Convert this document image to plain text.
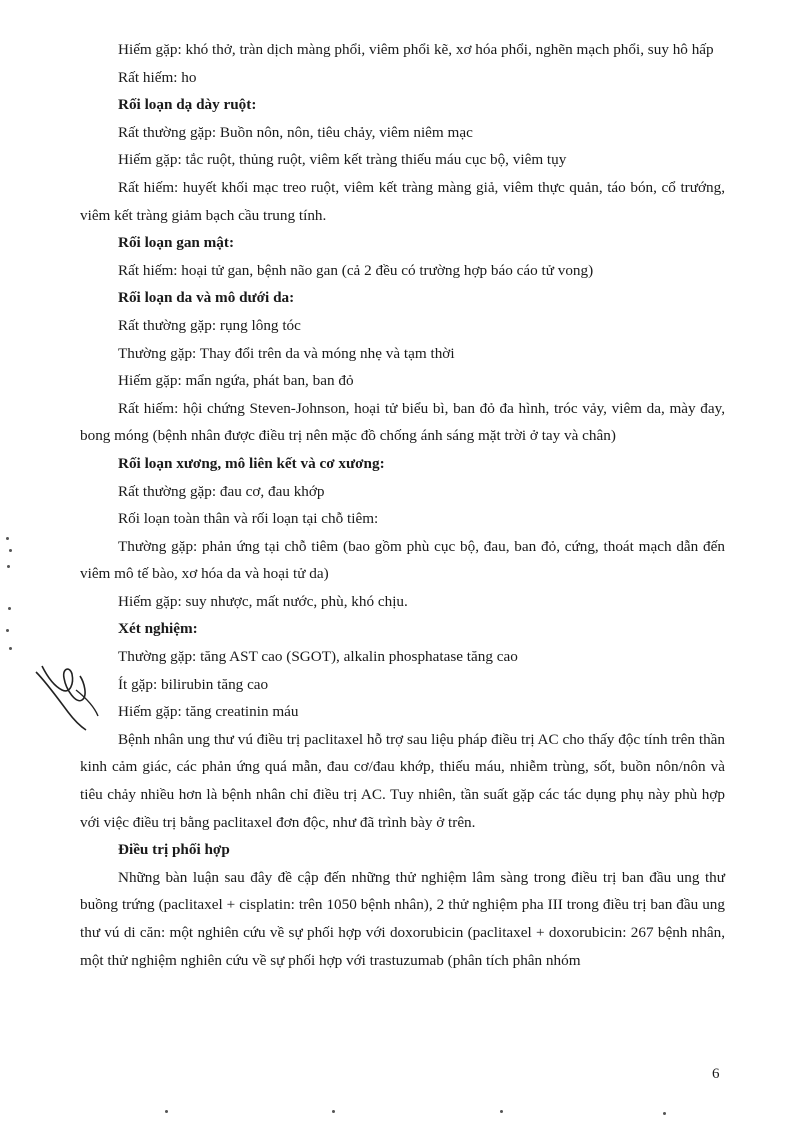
Hiếm gặp: khó thở, tràn dịch màng phổi, viêm phổi kẽ, xơ hóa phổi, nghẽn mạch phổi, suy hô hấp

Rất hiếm: ho

Rối loạn dạ dày ruột:

Rất thường gặp: Buồn nôn, nôn, tiêu chảy, viêm niêm mạc

Hiếm gặp: tắc ruột, thủng ruột, viêm kết tràng thiếu máu cục bộ, viêm tụy

Rất hiếm: huyết khối mạc treo ruột, viêm kết tràng màng giả, viêm thực quản, táo bón, cổ trướng, viêm kết tràng giảm bạch cầu trung tính.

Rối loạn gan mật:

Rất hiếm: hoại tử gan, bệnh não gan (cả 2 đều có trường hợp báo cáo tử vong)

Rối loạn da và mô dưới da:

Rất thường gặp: rụng lông tóc

Thường gặp: Thay đổi trên da và móng nhẹ và tạm thời

Hiếm gặp: mẩn ngứa, phát ban, ban đỏ

Rất hiếm: hội chứng Steven-Johnson, hoại tử biểu bì, ban đỏ đa hình, tróc vảy, viêm da, mày đay, bong móng (bệnh nhân được điều trị nên mặc đồ chống ánh sáng mặt trời ở tay và chân)

Rối loạn xương, mô liên kết và cơ xương:

Rất thường gặp: đau cơ, đau khớp

Rối loạn toàn thân và rối loạn tại chỗ tiêm:

Thường gặp: phản ứng tại chỗ tiêm (bao gồm phù cục bộ, đau, ban đỏ, cứng, thoát mạch dẫn đến viêm mô tế bào, xơ hóa da và hoại tử da)

Hiếm gặp: suy nhược, mất nước, phù, khó chịu.

Xét nghiệm:

Thường gặp: tăng AST cao (SGOT), alkalin phosphatase tăng cao

Ít gặp: bilirubin tăng cao

Hiếm gặp: tăng creatinin máu

Bệnh nhân ung thư vú điều trị paclitaxel hỗ trợ sau liệu pháp điều trị AC cho thấy độc tính trên thần kinh cảm giác, các phản ứng quá mẫn, đau cơ/đau khớp, thiếu máu, nhiễm trùng, sốt, buồn nôn/nôn và tiêu chảy nhiều hơn là bệnh nhân chỉ điều trị AC. Tuy nhiên, tần suất gặp các tác dụng phụ này phù hợp với việc điều trị bằng paclitaxel đơn độc, như đã trình bày ở trên.

Điều trị phối hợp

Những bàn luận sau đây đề cập đến những thử nghiệm lâm sàng trong điều trị ban đầu ung thư buồng trứng (paclitaxel + cisplatin: trên 1050 bệnh nhân), 2 thử nghiệm pha III trong điều trị ban đầu ung thư vú di căn: một nghiên cứu về sự phối hợp với doxorubicin (paclitaxel + doxorubicin: 267 bệnh nhân, một thử nghiệm nghiên cứu về sự phối hợp với trastuzumab (phân tích phân nhóm

6
